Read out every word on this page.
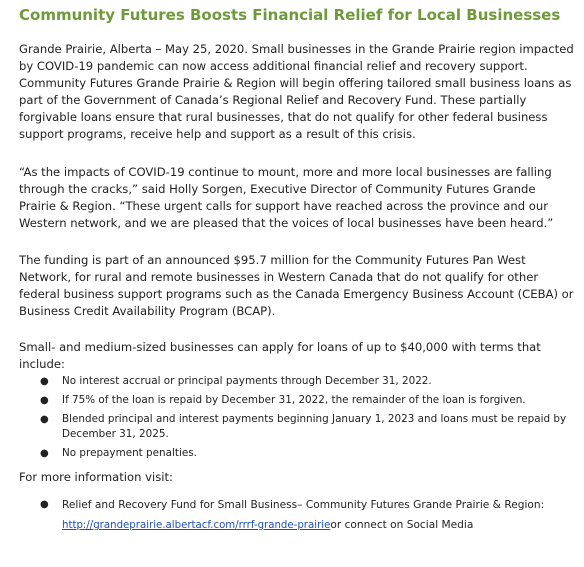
Community Futures Boosts Financial Relief for Local Businesses

Grande Prairie, Alberta – May 25, 2020. Small businesses in the Grande Prairie region impacted by COVID-19 pandemic can now access additional financial relief and recovery support. Community Futures Grande Prairie & Region will begin offering tailored small business loans as part of the Government of Canada’s Regional Relief and Recovery Fund. These partially forgivable loans ensure that rural businesses, that do not qualify for other federal business support programs, receive help and support as a result of this crisis.

“As the impacts of COVID-19 continue to mount, more and more local businesses are falling through the cracks,” said Holly Sorgen, Executive Director of Community Futures Grande Prairie & Region. “These urgent calls for support have reached across the province and our Western network, and we are pleased that the voices of local businesses have been heard.”

The funding is part of an announced $95.7 million for the Community Futures Pan West Network, for rural and remote businesses in Western Canada that do not qualify for other federal business support programs such as the Canada Emergency Business Account (CEBA) or Business Credit Availability Program (BCAP).

Small- and medium-sized businesses can apply for loans of up to $40,000 with terms that include:

● No interest accrual or principal payments through December 31, 2022.
● If 75% of the loan is repaid by December 31, 2022, the remainder of the loan is forgiven.
● Blended principal and interest payments beginning January 1, 2023 and loans must be repaid by December 31, 2025.
● No prepayment penalties.

For more information visit:

● Relief and Recovery Fund for Small Business– Community Futures Grande Prairie & Region: http://grandeprairie.albertacf.com/rrrf-grande-prairieor connect on Social Media
